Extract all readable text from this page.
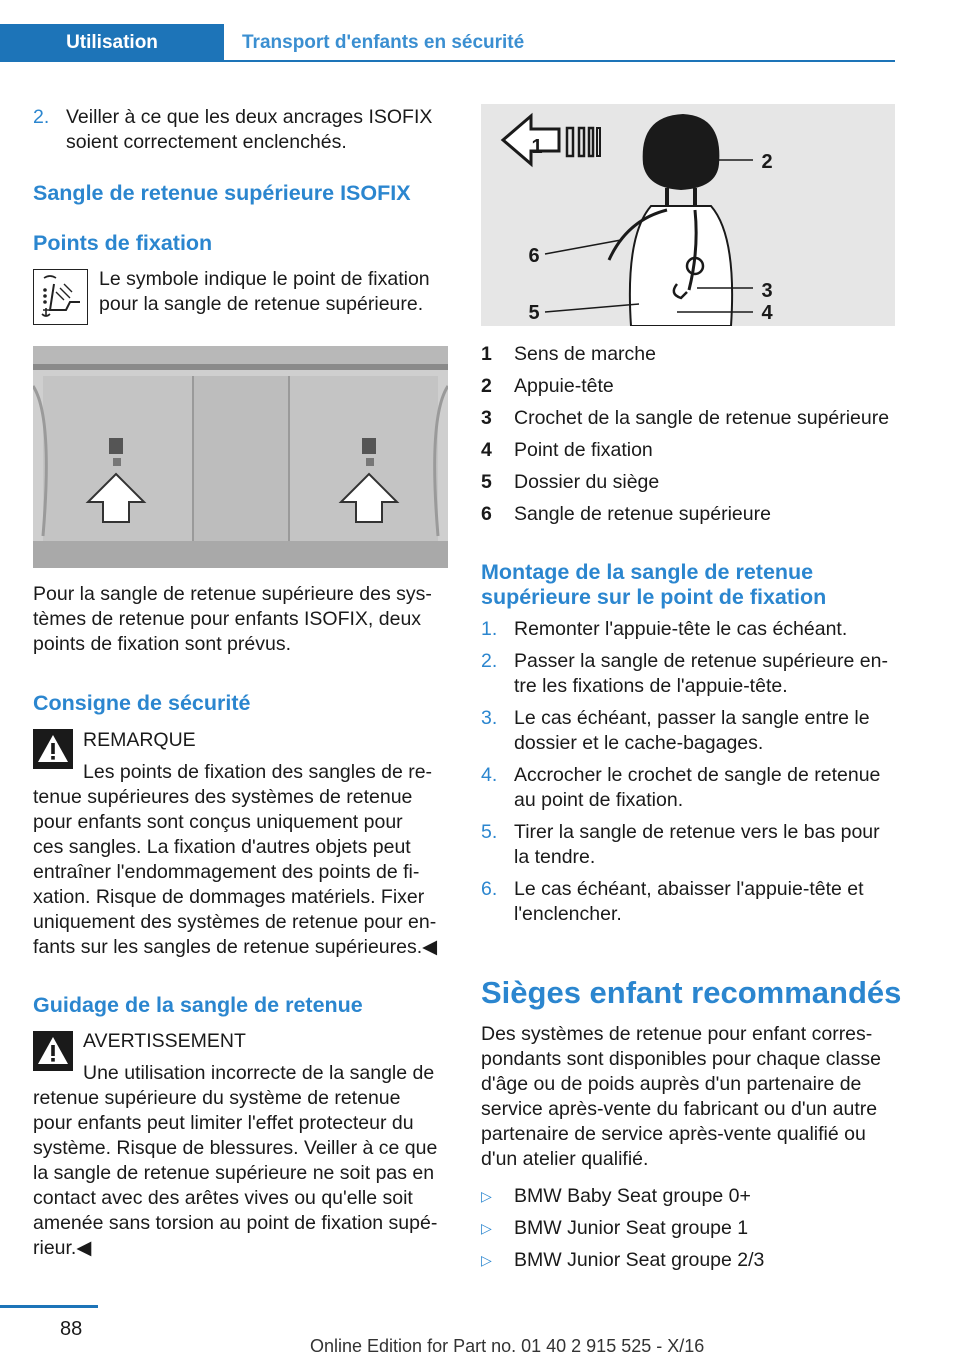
Utilisation	Transport d'enfants en sécurité
2. Veiller à ce que les deux ancrages ISOFIX
soient correctement enclenchés.
Sangle de retenue supérieure ISOFIX
Points de fixation
Le symbole indique le point de fixation
pour la sangle de retenue supérieure.
Pour la sangle de retenue supérieure des sys‐
tèmes de retenue pour enfants ISOFIX, deux
points de fixation sont prévus.
Consigne de sécurité
REMARQUE
Les points de fixation des sangles de re‐
tenue supérieures des systèmes de retenue
pour enfants sont conçus uniquement pour
ces sangles. La fixation d'autres objets peut
entraîner l'endommagement des points de fi‐
xation. Risque de dommages matériels. Fixer
uniquement des systèmes de retenue pour en‐
fants sur les sangles de retenue supérieures.◀
Guidage de la sangle de retenue
AVERTISSEMENT
Une utilisation incorrecte de la sangle de
retenue supérieure du système de retenue
pour enfants peut limiter l'effet protecteur du
système. Risque de blessures. Veiller à ce que
la sangle de retenue supérieure ne soit pas en
contact avec des arêtes vives ou qu'elle soit
amenée sans torsion au point de fixation supé‐
rieur.◀
1
2
3
4
5
6
1	Sens de marche
2	Appuie-tête
3	Crochet de la sangle de retenue supérieure
4	Point de fixation
5	Dossier du siège
6	Sangle de retenue supérieure
Montage de la sangle de retenue
supérieure sur le point de fixation
1. Remonter l'appuie-tête le cas échéant.
2. Passer la sangle de retenue supérieure en‐
tre les fixations de l'appuie-tête.
3. Le cas échéant, passer la sangle entre le
dossier et le cache-bagages.
4. Accrocher le crochet de sangle de retenue
au point de fixation.
5. Tirer la sangle de retenue vers le bas pour
la tendre.
6. Le cas échéant, abaisser l'appuie-tête et
l'enclencher.
Sièges enfant recommandés
Des systèmes de retenue pour enfant corres‐
pondants sont disponibles pour chaque classe
d'âge ou de poids auprès d'un partenaire de
service après-vente du fabricant ou d'un autre
partenaire de service après-vente qualifié ou
d'un atelier qualifié.
▷	BMW Baby Seat groupe 0+
▷	BMW Junior Seat groupe 1
▷	BMW Junior Seat groupe 2/3
88
Online Edition for Part no. 01 40 2 915 525 - X/16
